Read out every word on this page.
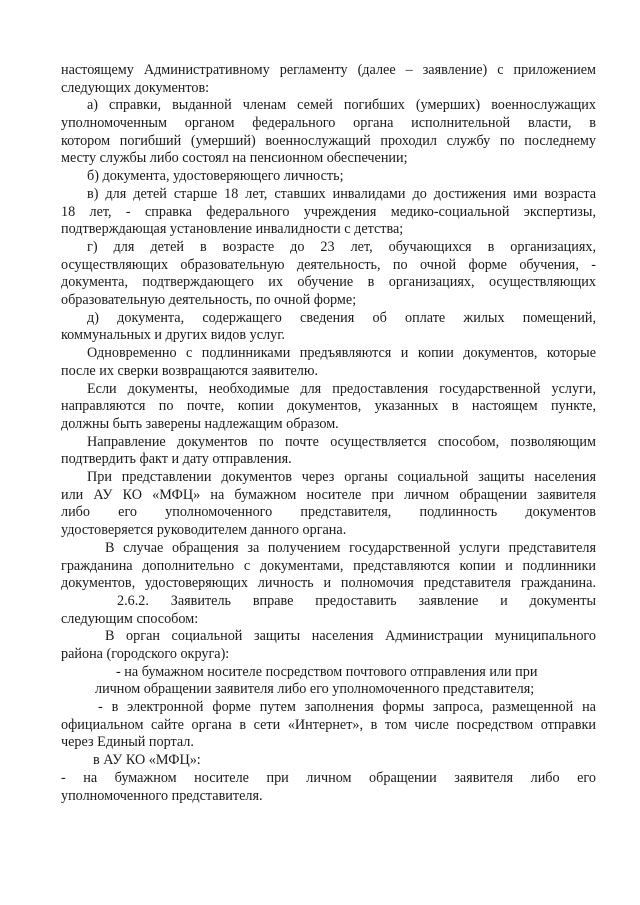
настоящему Административному регламенту (далее – заявление) с приложением
следующих документов:
а) справки, выданной членам семей погибших (умерших) военнослужащих
уполномоченным органом федерального органа исполнительной власти, в
котором погибший (умерший) военнослужащий проходил службу по последнему
месту службы либо состоял на пенсионном обеспечении;
б) документа, удостоверяющего личность;
в) для детей старше 18 лет, ставших инвалидами до достижения ими возраста
18 лет, - справка федерального учреждения медико-социальной экспертизы,
подтверждающая установление инвалидности с детства;
г) для детей в возрасте до 23 лет, обучающихся в организациях,
осуществляющих образовательную деятельность, по очной форме обучения, -
документа, подтверждающего их обучение в организациях, осуществляющих
образовательную деятельность, по очной форме;
д) документа, содержащего сведения об оплате жилых помещений,
коммунальных и других видов услуг.
Одновременно с подлинниками предъявляются и копии документов, которые
после их сверки возвращаются заявителю.
Если документы, необходимые для предоставления государственной услуги,
направляются по почте, копии документов, указанных в настоящем пункте,
должны быть заверены надлежащим образом.
Направление документов по почте осуществляется способом, позволяющим
подтвердить факт и дату отправления.
При представлении документов через органы социальной защиты населения
или АУ КО «МФЦ» на бумажном носителе при личном обращении заявителя
либо его уполномоченного представителя, подлинность документов
удостоверяется руководителем данного органа.
В случае обращения за получением государственной услуги представителя
гражданина дополнительно с документами, представляются копии и подлинники
документов, удостоверяющих личность и полномочия представителя гражданина.
2.6.2. Заявитель вправе предоставить заявление и документы
следующим способом:
В орган социальной защиты населения Администрации муниципального
района (городского округа):
- на бумажном носителе посредством почтового отправления или при
личном обращении заявителя либо его уполномоченного представителя;
- в электронной форме путем заполнения формы запроса, размещенной на
официальном сайте органа в сети «Интернет», в том числе посредством отправки
через Единый портал.
в АУ КО «МФЦ»:
- на бумажном носителе при личном обращении заявителя либо его
уполномоченного представителя.
